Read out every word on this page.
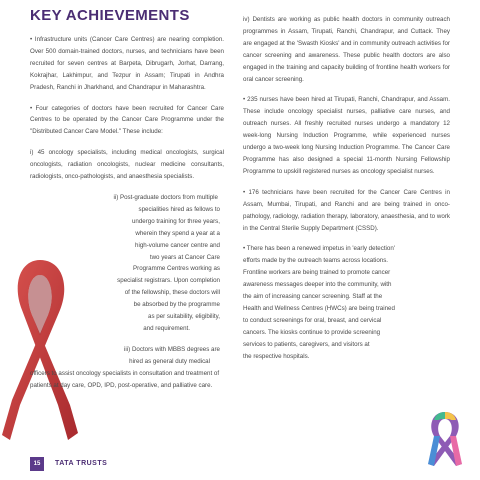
KEY ACHIEVEMENTS

• Infrastructure units (Cancer Care Centres) are nearing completion. Over 500 domain-trained doctors, nurses, and technicians have been recruited for seven centres at Barpeta, Dibrugarh, Jorhat, Darrang, Kokrajhar, Lakhimpur, and Tezpur in Assam; Tirupati in Andhra Pradesh, Ranchi in Jharkhand, and Chandrapur in Maharashtra.

• Four categories of doctors have been recruited for Cancer Care Centres to be operated by the Cancer Care Programme under the "Distributed Cancer Care Model." These include:

i) 45 oncology specialists, including medical oncologists, surgical oncologists, radiation oncologists, nuclear medicine consultants, radiologists, onco-pathologists, and anaesthesia specialists.

ii) Post-graduate doctors from multiple

specialities hired as fellows to

undergo training for three years,

wherein they spend a year at a

high-volume cancer centre and

two years at Cancer Care

Programme Centres working as

specialist registrars. Upon completion

of the fellowship, these doctors will

be absorbed by the programme

as per suitability, eligibility,

and requirement.

iii) Doctors with MBBS degrees are

hired as general duty medical

officers to assist oncology specialists in consultation and treatment of patients at day care, OPD, IPD, post-operative, and palliative care.

iv) Dentists are working as public health doctors in community outreach programmes in Assam, Tirupati, Ranchi, Chandrapur, and Cuttack. They are engaged at the 'Swasth Kiosks' and in community outreach activities for cancer screening and awareness. These public health doctors are also engaged in the training and capacity building of frontline health workers for oral cancer screening.

• 235 nurses have been hired at Tirupati, Ranchi, Chandrapur, and Assam. These include oncology specialist nurses, palliative care nurses, and outreach nurses. All freshly recruited nurses undergo a mandatory 12 week-long Nursing Induction Programme, while experienced nurses undergo a two-week long Nursing Induction Programme. The Cancer Care Programme has also designed a special 11-month Nursing Fellowship Programme to upskill registered nurses as oncology specialist nurses.

• 176 technicians have been recruited for the Cancer Care Centres in Assam, Mumbai, Tirupati, and Ranchi and are being trained in onco-pathology, radiology, radiation therapy, laboratory, anaesthesia, and to work in the Central Sterile Supply Department (CSSD).

• There has been a renewed impetus in 'early detection'

efforts made by the outreach teams across locations.

Frontline workers are being trained to promote cancer

awareness messages deeper into the community, with

the aim of increasing cancer screening. Staff at the

Health and Wellness Centres (HWCs) are being trained

to conduct screenings for oral, breast, and cervical

cancers. The kiosks continue to provide screening

services to patients, caregivers, and visitors at

the respective hospitals.

15	TATA TRUSTS
